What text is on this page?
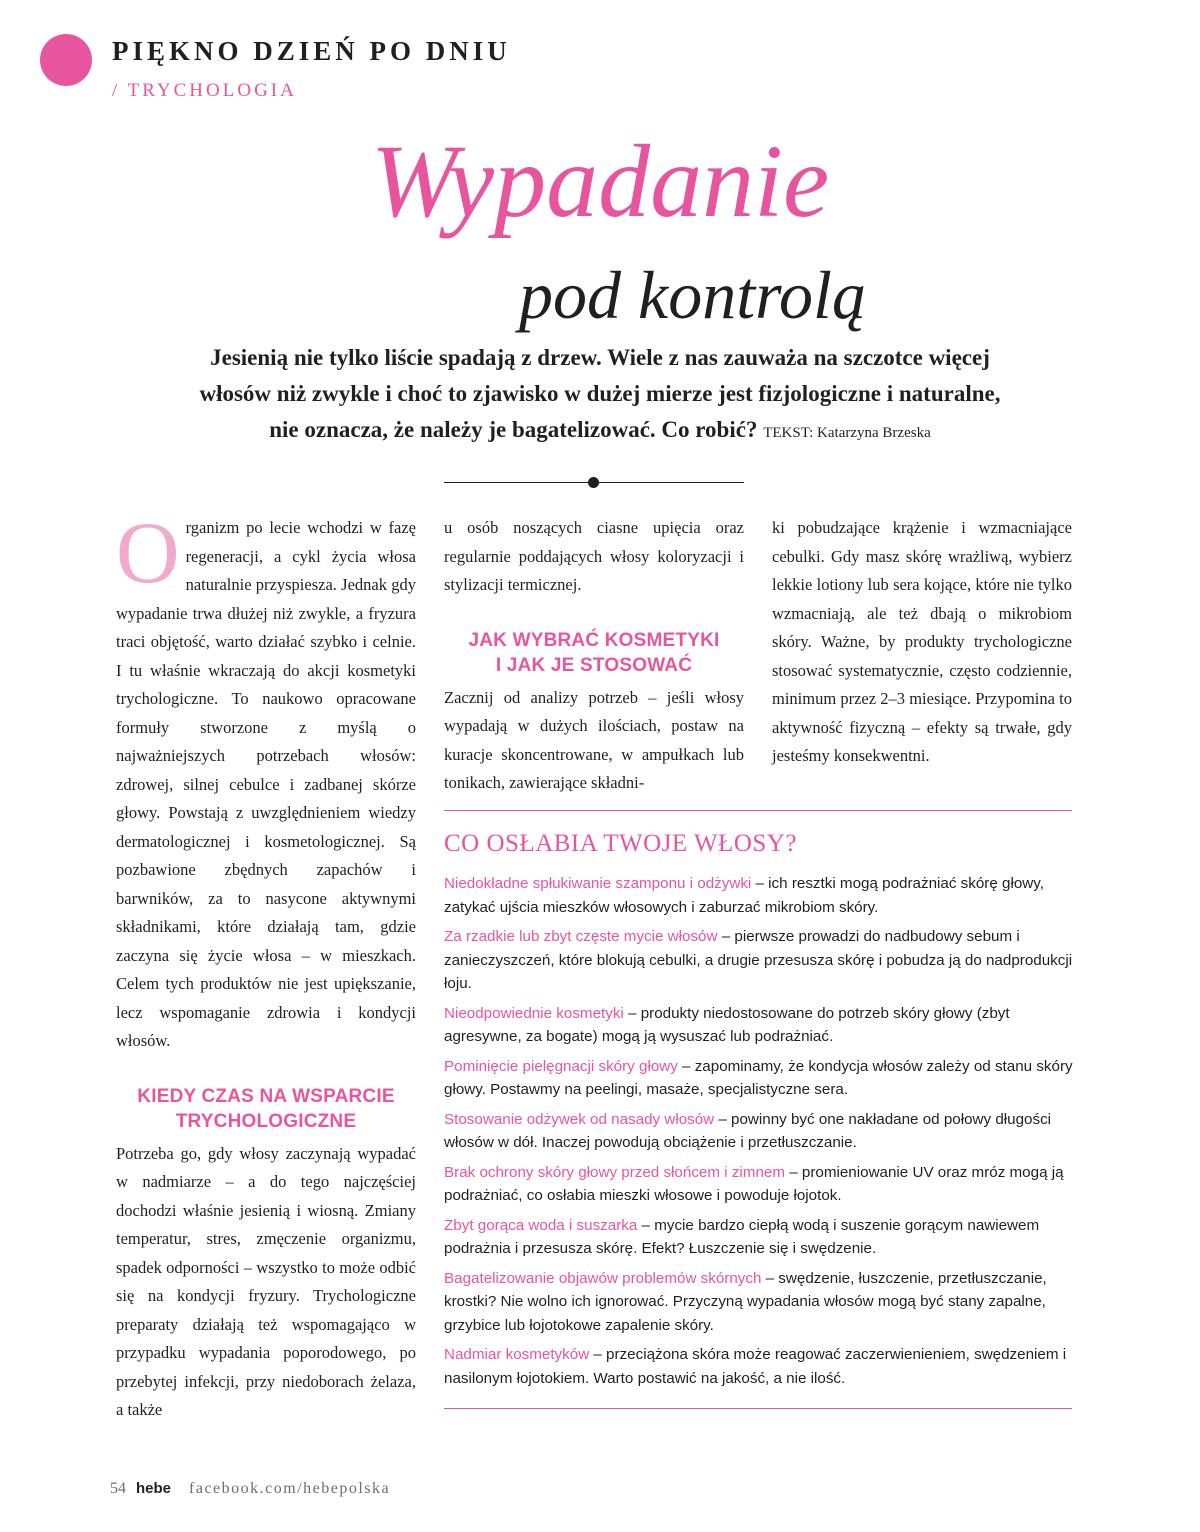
PIĘKNO DZIEŃ PO DNIU
/ TRYCHOLOGIA
Wypadanie
pod kontrolą
Jesienią nie tylko liście spadają z drzew. Wiele z nas zauważa na szczotce więcej
włosów niż zwykle i choć to zjawisko w dużej mierze jest fizjologiczne i naturalne,
nie oznacza, że należy je bagatelizować. Co robić? TEKST: Katarzyna Brzeska
O rganizm po lecie wchodzi w fazę regeneracji, a cykl życia włosa naturalnie przyspiesza. Jednak gdy wypadanie trwa dłużej niż zwykle, a fryzura traci objętość, warto działać szybko i celnie. I tu właśnie wkraczają do akcji kosmetyki trychologiczne. To naukowo opracowane formuły stworzone z myślą o najważniejszych potrzebach włosów: zdrowej, silnej cebulce i zadbanej skórze głowy. Powstają z uwzględnieniem wiedzy dermatologicznej i kosmetologicznej. Są pozbawione zbędnych zapachów i barwników, za to nasycone aktywnymi składnikami, które działają tam, gdzie zaczyna się życie włosa – w mieszkach. Celem tych produktów nie jest upiększanie, lecz wspomaganie zdrowia i kondycji włosów.

KIEDY CZAS NA WSPARCIE TRYCHOLOGICZNE

Potrzeba go, gdy włosy zaczynają wypadać w nadmiarze – a do tego najczęściej dochodzi właśnie jesienią i wiosną. Zmiany temperatur, stres, zmęczenie organizmu, spadek odporności – wszystko to może odbić się na kondycji fryzury. Trychologiczne preparaty działają też wspomagająco w przypadku wypadania poporodowego, po przebytej infekcji, przy niedoborach żelaza, a także

u osób noszących ciasne upięcia oraz regularnie poddających włosy koloryzacji i stylizacji termicznej.

JAK WYBRAĆ KOSMETYKI
I JAK JE STOSOWAĆ

Zacznij od analizy potrzeb – jeśli włosy wypadają w dużych ilościach, postaw na kuracje skoncentrowane, w ampułkach lub tonikach, zawierające składni-

ki pobudzające krążenie i wzmacniające cebulki. Gdy masz skórę wrażliwą, wybierz lekkie lotiony lub sera kojące, które nie tylko wzmacniają, ale też dbają o mikrobiom skóry. Ważne, by produkty trychologiczne stosować systematycznie, często codziennie, minimum przez 2–3 miesiące. Przypomina to aktywność fizyczną – efekty są trwałe, gdy jesteśmy konsekwentni.

CO OSŁABIA TWOJE WŁOSY?
Niedokładne spłukiwanie szamponu i odżywki – ich resztki mogą podrażniać skórę głowy, zatykać ujścia mieszków włosowych i zaburzać mikrobiom skóry.
Za rzadkie lub zbyt częste mycie włosów – pierwsze prowadzi do nadbudowy sebum i zanieczyszczeń, które blokują cebulki, a drugie przesusza skórę i pobudza ją do nadprodukcji łoju.
Nieodpowiednie kosmetyki – produkty niedostosowane do potrzeb skóry głowy (zbyt agresywne, za bogate) mogą ją wysuszać lub podrażniać.
Pominięcie pielęgnacji skóry głowy – zapominamy, że kondycja włosów zależy od stanu skóry głowy. Postawmy na peelingi, masaże, specjalistyczne sera.
Stosowanie odżywek od nasady włosów – powinny być one nakładane od połowy długości włosów w dół. Inaczej powodują obciążenie i przetłuszczanie.
Brak ochrony skóry głowy przed słońcem i zimnem – promieniowanie UV oraz mróz mogą ją podrażniać, co osłabia mieszki włosowe i powoduje łojotok.
Zbyt gorąca woda i suszarka – mycie bardzo ciepłą wodą i suszenie gorącym nawiewem podrażnia i przesusza skórę. Efekt? Łuszczenie się i swędzenie.
Bagatelizowanie objawów problemów skórnych – swędzenie, łuszczenie, przetłuszczanie, krostki? Nie wolno ich ignorować. Przyczyną wypadania włosów mogą być stany zapalne, grzybice lub łojotokowe zapalenie skóry.
Nadmiar kosmetyków – przeciążona skóra może reagować zaczerwienieniem, swędzeniem i nasilonym łojotokiem. Warto postawić na jakość, a nie ilość.
54 hebe facebook.com/hebepolska
